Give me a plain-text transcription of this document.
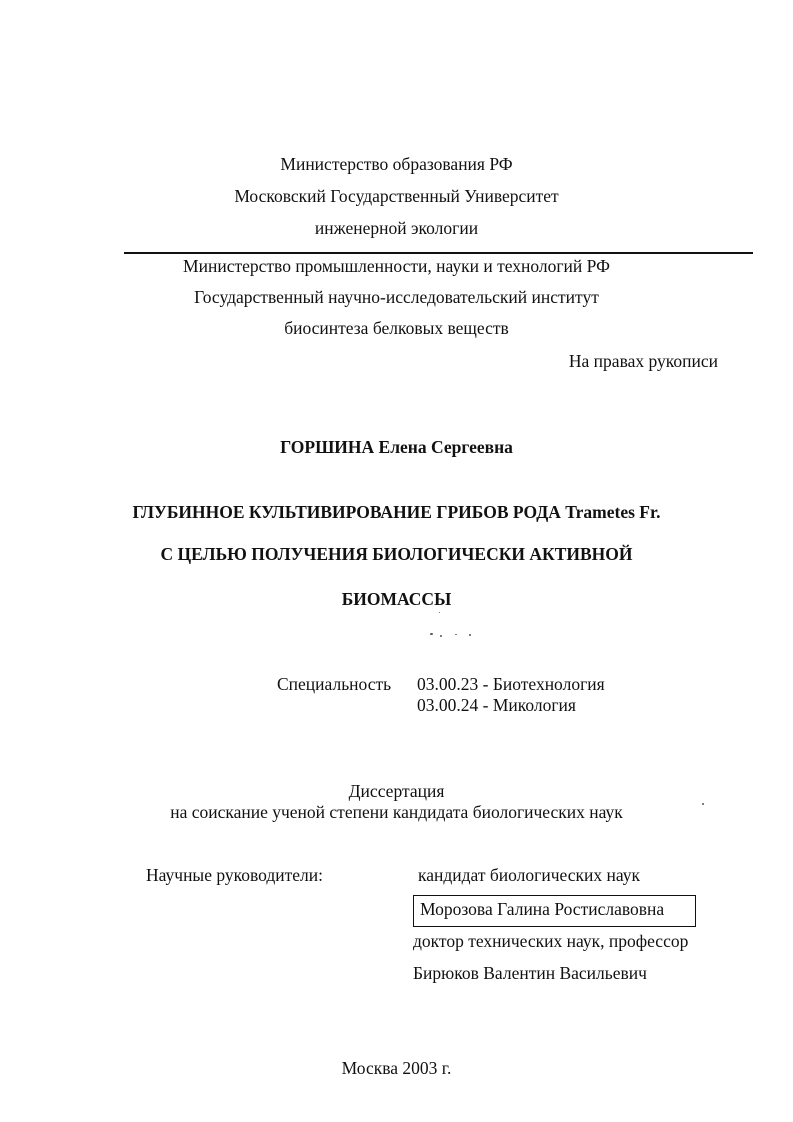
Министерство образования РФ
Московский Государственный Университет
инженерной экологии
Министерство промышленности, науки и технологий РФ
Государственный научно-исследовательский институт
биосинтеза белковых веществ
На правах рукописи
ГОРШИНА Елена Сергеевна
ГЛУБИННОЕ КУЛЬТИВИРОВАНИЕ ГРИБОВ РОДА Trametes Fr.
С ЦЕЛЬЮ ПОЛУЧЕНИЯ БИОЛОГИЧЕСКИ АКТИВНОЙ
БИОМАССЫ
Специальность 03.00.23 - Биотехнология
03.00.24 - Микология
Диссертация
на соискание ученой степени кандидата биологических наук
Научные руководители:	кандидат биологических наук
Морозова Галина Ростиславовна
доктор технических наук, профессор
Бирюков Валентин Васильевич
Москва 2003 г.
